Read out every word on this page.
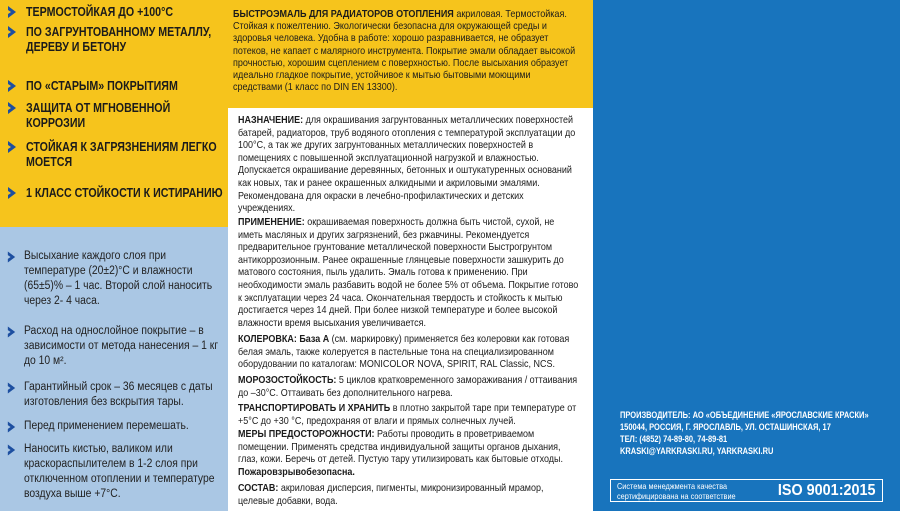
ТЕРМОСТОЙКАЯ ДО +100°С
ПО ЗАГРУНТОВАННОМУ МЕТАЛЛУ, ДЕРЕВУ И БЕТОНУ
ПО «СТАРЫМ» ПОКРЫТИЯМ
ЗАЩИТА ОТ МГНОВЕННОЙ КОРРОЗИИ
СТОЙКАЯ К ЗАГРЯЗНЕНИЯМ ЛЕГКО МОЕТСЯ
1 КЛАСС СТОЙКОСТИ К ИСТИРАНИЮ
Высыхание каждого слоя при температуре (20±2)°С и влажности (65±5)% – 1 час. Второй слой наносить через 2- 4 часа.
Расход на однослойное покрытие – в зависимости от метода нанесения – 1 кг до 10 м².
Гарантийный срок – 36 месяцев с даты изготовления без вскрытия тары.
Перед применением перемешать.
Наносить кистью, валиком или краскораспылителем в 1-2 слоя при отключенном отоплении и температуре воздуха выше +7°С.

БЫСТРОЭМАЛЬ ДЛЯ РАДИАТОРОВ ОТОПЛЕНИЯ акриловая. Термостойкая. Стойкая к пожелтению. Экологически безопасна для окружающей среды и здоровья человека. Удобна в работе: хорошо разравнивается, не образует потеков, не капает с малярного инструмента. Покрытие эмали обладает высокой прочностью, хорошим сцеплением с поверхностью. После высыхания образует идеально гладкое покрытие, устойчивое к мытью бытовыми моющими средствами (1 класс по DIN EN 13300).

НАЗНАЧЕНИЕ: для окрашивания загрунтованных металлических поверхностей батарей, радиаторов, труб водяного отопления с температурой эксплуатации до 100°С, а так же других загрунтованных металлических поверхностей в помещениях с повышенной эксплуатационной нагрузкой и влажностью. Допускается окрашивание деревянных, бетонных и оштукатуренных оснований как новых, так и ранее окрашенных алкидными и акриловыми эмалями. Рекомендована для окраски в лечебно-профилактических и детских учреждениях.

ПРИМЕНЕНИЕ: окрашиваемая поверхность должна быть чистой, сухой, не иметь масляных и других загрязнений, без ржавчины. Рекомендуется предварительное грунтование металлической поверхности Быстрогрунтом антикоррозионным. Ранее окрашенные глянцевые поверхности зашкурить до матового состояния, пыль удалить. Эмаль готова к применению. При необходимости эмаль разбавить водой не более 5% от объема. Покрытие готово к эксплуатации через 24 часа. Окончательная твердость и стойкость к мытью достигается через 14 дней. При более низкой температуре и более высокой влажности время высыхания увеличивается.

КОЛЕРОВКА: База А (см. маркировку) применяется без колеровки как готовая белая эмаль, также колеруется в пастельные тона на специализированном оборудовании по каталогам: MONICOLOR NOVA, SPIRIT, RAL Classic, NCS.

МОРОЗОСТОЙКОСТЬ: 5 циклов кратковременного замораживания / оттаивания до –30°С. Оттаивать без дополнительного нагрева.

ТРАНСПОРТИРОВАТЬ И ХРАНИТЬ в плотно закрытой таре при температуре от +5°С до +30 °С, предохраняя от влаги и прямых солнечных лучей.

МЕРЫ ПРЕДОСТОРОЖНОСТИ: Работы проводить в проветриваемом помещении. Применять средства индивидуальной защиты органов дыхания, глаз, кожи. Беречь от детей. Пустую тару утилизировать как бытовые отходы.

Пожаровзрывобезопасна.

СОСТАВ: акриловая дисперсия, пигменты, микронизированный мрамор, целевые добавки, вода.

ПРОИЗВОДИТЕЛЬ: АО «ОБЪЕДИНЕНИЕ «ЯРОСЛАВСКИЕ КРАСКИ»
150044, РОССИЯ, Г. ЯРОСЛАВЛЬ, УЛ. ОСТАШИНСКАЯ, 17
ТЕЛ: (4852) 74-89-80, 74-89-81
KRASKI@YARKRASKI.RU, YARKRASKI.RU
Система менеджмента качества сертифицирована на соответствие	ISO 9001:2015
